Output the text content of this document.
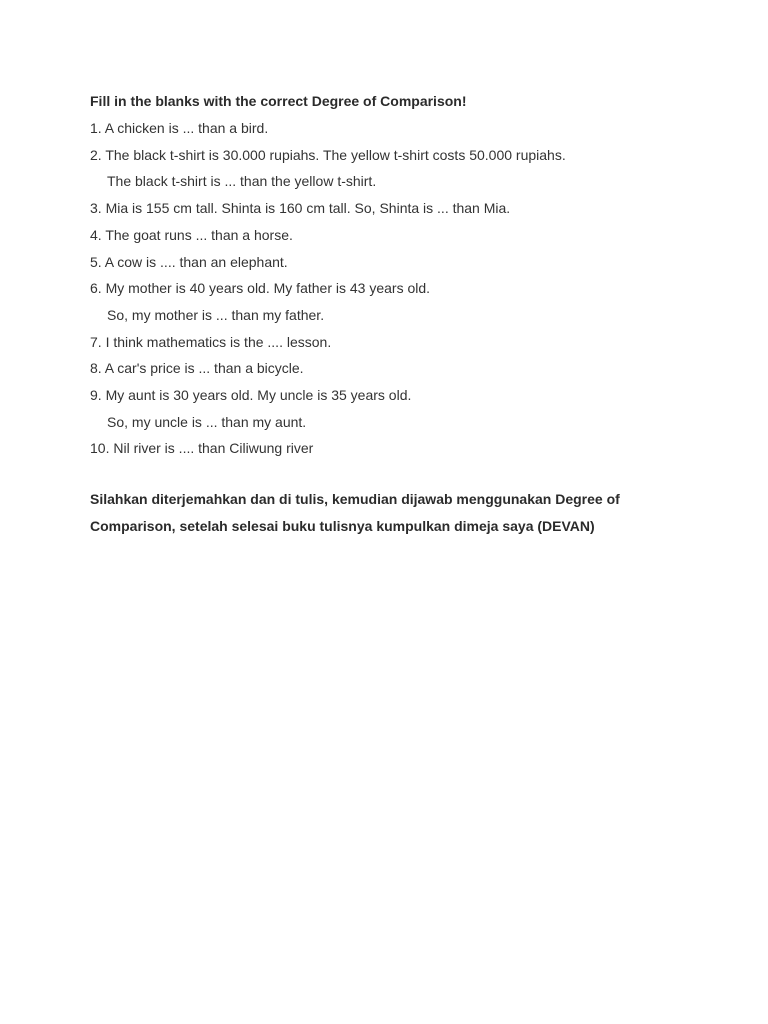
Fill in the blanks with the correct Degree of Comparison!

1. A chicken is ... than a bird.

2. The black t-shirt is 30.000 rupiahs. The yellow t-shirt costs 50.000 rupiahs.
The black t-shirt is ... than the yellow t-shirt.

3. Mia is 155 cm tall. Shinta is 160 cm tall. So, Shinta is ... than Mia.

4. The goat runs ... than a horse.

5. A cow is .... than an elephant.

6. My mother is 40 years old. My father is 43 years old.
So, my mother is ... than my father.

7. I think mathematics is the .... lesson.

8. A car's price is ... than a bicycle.

9. My aunt is 30 years old. My uncle is 35 years old.
So, my uncle is ... than my aunt.

10. Nil river is .... than Ciliwung river

Silahkan diterjemahkan dan di tulis, kemudian dijawab menggunakan Degree of
Comparison, setelah selesai buku tulisnya kumpulkan dimeja saya (DEVAN)
